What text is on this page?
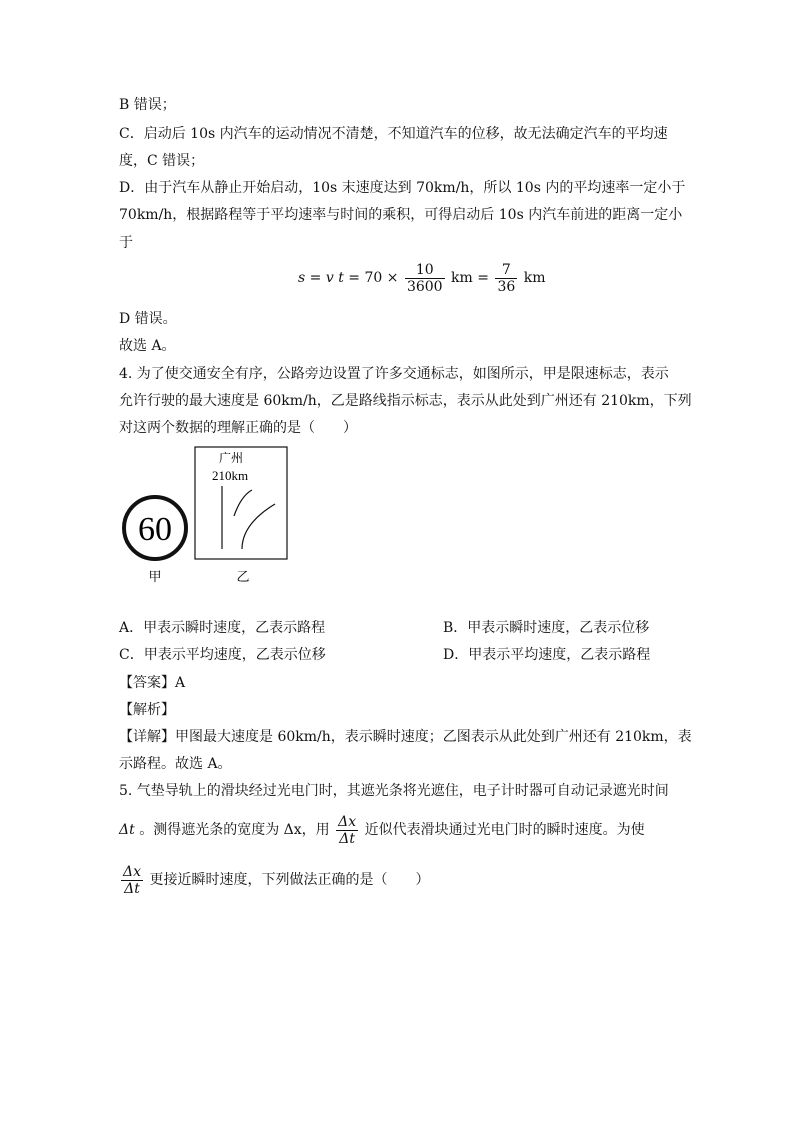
B 错误；
C．启动后 10s 内汽车的运动情况不清楚，不知道汽车的位移，故无法确定汽车的平均速
度，C 错误；
D．由于汽车从静止开始启动，10s 末速度达到 70km/h，所以 10s 内的平均速率一定小于
70km/h，根据路程等于平均速率与时间的乘积，可得启动后 10s 内汽车前进的距离一定小
于
s = v $t = 70 \times \frac{10}{3600}$ km = $\frac{7}{36}$ km
D 错误。
故选 A。
4. 为了使交通安全有序，公路旁边设置了许多交通标志，如图所示，甲是限速标志，表示
允许行驶的最大速度是 60km/h，乙是路线指示标志，表示从此处到广州还有 210km，下列
对这两个数据的理解正确的是（　　）
60
甲
广州
210km
乙
A．甲表示瞬时速度，乙表示路程	B．甲表示瞬时速度，乙表示位移
C．甲表示平均速度，乙表示位移	D．甲表示平均速度，乙表示路程
【答案】A
【解析】
【详解】甲图最大速度是 60km/h，表示瞬时速度；乙图表示从此处到广州还有 210km，表
示路程。故选 A。
5. 气垫导轨上的滑块经过光电门时，其遮光条将光遮住，电子计时器可自动记录遮光时间
Δt 。测得遮光条的宽度为 Δx，用 $\frac{\Delta x}{\Delta t}$ 近似代表滑块通过光电门时的瞬时速度。为使
$\frac{\Delta x}{\Delta t}$ 更接近瞬时速度，下列做法正确的是（　　）
